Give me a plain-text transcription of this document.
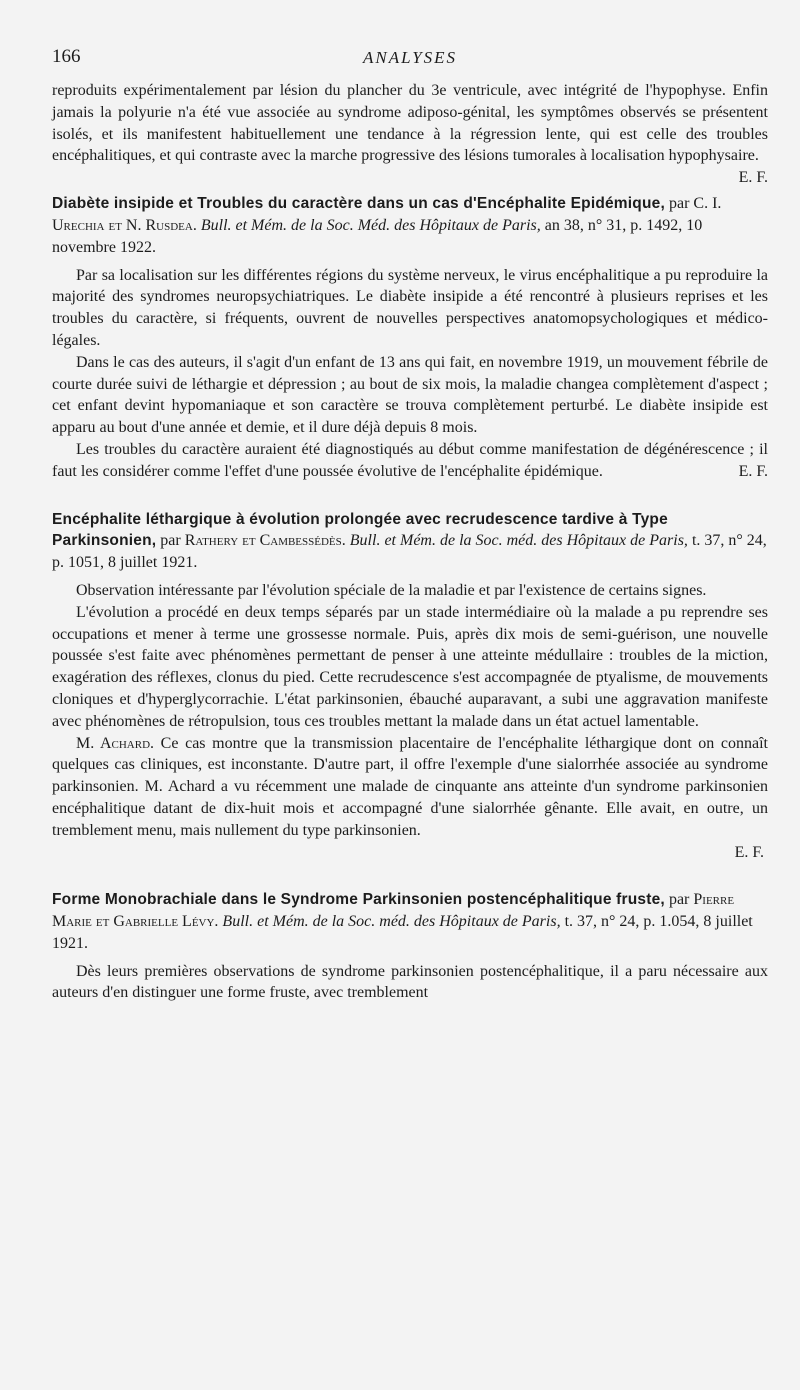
166	ANALYSES

reproduits expérimentalement par lésion du plancher du 3e ventricule, avec intégrité de l'hypophyse. Enfin jamais la polyurie n'a été vue associée au syndrome adiposo-génital, les symptômes observés se présentent isolés, et ils manifestent habituellement une tendance à la régression lente, qui est celle des troubles encéphalitiques, et qui contraste avec la marche progressive des lésions tumorales à localisation hypophysaire.
E. F.

Diabète insipide et Troubles du caractère dans un cas d'Encéphalite Epidémique, par C. I. Urechia et N. Rusdea. Bull. et Mém. de la Soc. Méd. des Hôpitaux de Paris, an 38, n° 31, p. 1492, 10 novembre 1922.

Par sa localisation sur les différentes régions du système nerveux, le virus encéphalitique a pu reproduire la majorité des syndromes neuropsychiatriques. Le diabète insipide a été rencontré à plusieurs reprises et les troubles du caractère, si fréquents, ouvrent de nouvelles perspectives anatomopsychologiques et médico-légales.

Dans le cas des auteurs, il s'agit d'un enfant de 13 ans qui fait, en novembre 1919, un mouvement fébrile de courte durée suivi de léthargie et dépression ; au bout de six mois, la maladie changea complètement d'aspect ; cet enfant devint hypomaniaque et son caractère se trouva complètement perturbé. Le diabète insipide est apparu au bout d'une année et demie, et il dure déjà depuis 8 mois.

Les troubles du caractère auraient été diagnostiqués au début comme manifestation de dégénérescence ; il faut les considérer comme l'effet d'une poussée évolutive de l'encéphalite épidémique.	E. F.

Encéphalite léthargique à évolution prolongée avec recrudescence tardive à Type Parkinsonien, par Rathery et Cambessédès. Bull. et Mém. de la Soc. méd. des Hôpitaux de Paris, t. 37, n° 24, p. 1051, 8 juillet 1921.

Observation intéressante par l'évolution spéciale de la maladie et par l'existence de certains signes.

L'évolution a procédé en deux temps séparés par un stade intermédiaire où la malade a pu reprendre ses occupations et mener à terme une grossesse normale. Puis, après dix mois de semi-guérison, une nouvelle poussée s'est faite avec phénomènes permettant de penser à une atteinte médullaire : troubles de la miction, exagération des réflexes, clonus du pied. Cette recrudescence s'est accompagnée de ptyalisme, de mouvements cloniques et d'hyperglycorrachie. L'état parkinsonien, ébauché auparavant, a subi une aggravation manifeste avec phénomènes de rétropulsion, tous ces troubles mettant la malade dans un état actuel lamentable.

M. Achard. Ce cas montre que la transmission placentaire de l'encéphalite léthargique dont on connaît quelques cas cliniques, est inconstante. D'autre part, il offre l'exemple d'une sialorrhée associée au syndrome parkinsonien. M. Achard a vu récemment une malade de cinquante ans atteinte d'un syndrome parkinsonien encéphalitique datant de dix-huit mois et accompagné d'une sialorrhée gênante. Elle avait, en outre, un tremblement menu, mais nullement du type parkinsonien.

E. F.

Forme Monobrachiale dans le Syndrome Parkinsonien postencéphalitique fruste, par Pierre Marie et Gabrielle Lévy. Bull. et Mém. de la Soc. méd. des Hôpitaux de Paris, t. 37, n° 24, p. 1.054, 8 juillet 1921.

Dès leurs premières observations de syndrome parkinsonien postencéphalitique, il a paru nécessaire aux auteurs d'en distinguer une forme fruste, avec tremblement
